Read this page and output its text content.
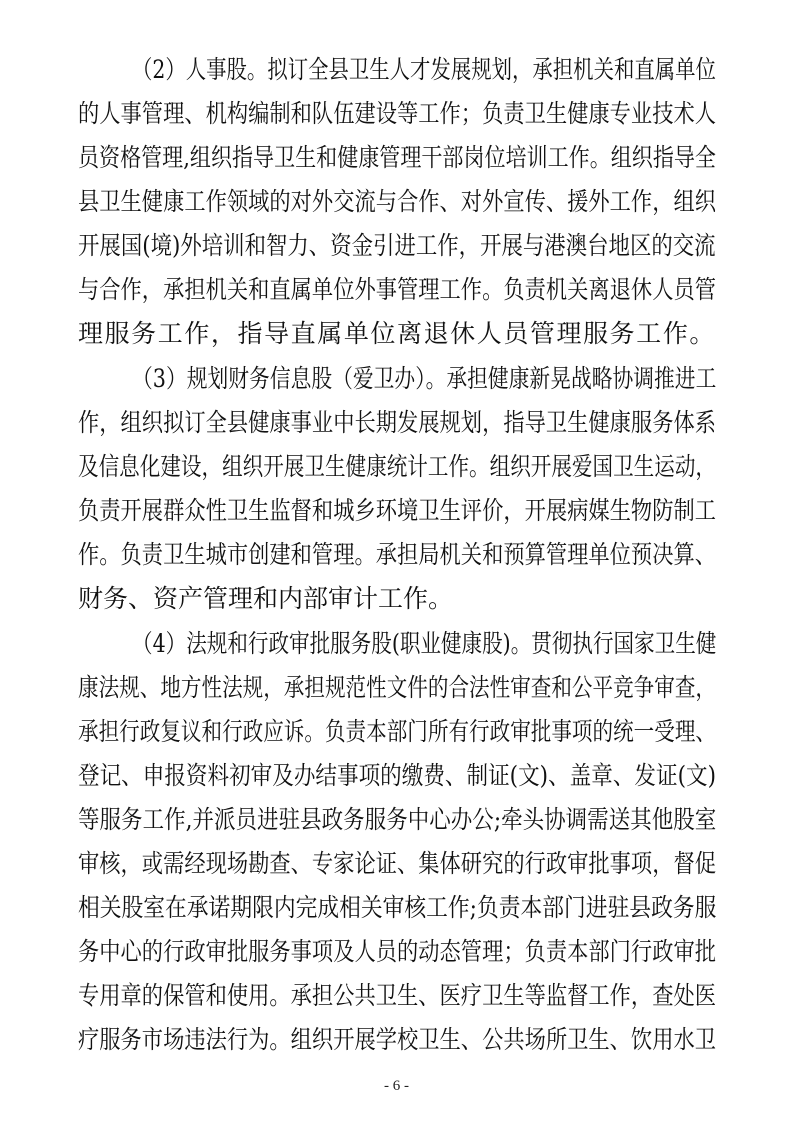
（2）人事股。拟订全县卫生人才发展规划，承担机关和直属单位
的人事管理、机构编制和队伍建设等工作；负责卫生健康专业技术人
员资格管理,组织指导卫生和健康管理干部岗位培训工作。组织指导全
县卫生健康工作领域的对外交流与合作、对外宣传、援外工作，组织
开展国(境)外培训和智力、资金引进工作，开展与港澳台地区的交流
与合作，承担机关和直属单位外事管理工作。负责机关离退休人员管
理服务工作，指导直属单位离退休人员管理服务工作。
（3）规划财务信息股（爱卫办）。承担健康新晃战略协调推进工
作，组织拟订全县健康事业中长期发展规划，指导卫生健康服务体系
及信息化建设，组织开展卫生健康统计工作。组织开展爱国卫生运动，
负责开展群众性卫生监督和城乡环境卫生评价，开展病媒生物防制工
作。负责卫生城市创建和管理。承担局机关和预算管理单位预决算、
财务、资产管理和内部审计工作。
（4）法规和行政审批服务股(职业健康股)。贯彻执行国家卫生健
康法规、地方性法规，承担规范性文件的合法性审查和公平竞争审查，
承担行政复议和行政应诉。负责本部门所有行政审批事项的统一受理、
登记、申报资料初审及办结事项的缴费、制证(文)、盖章、发证(文)
等服务工作,并派员进驻县政务服务中心办公;牵头协调需送其他股室
审核，或需经现场勘查、专家论证、集体研究的行政审批事项，督促
相关股室在承诺期限内完成相关审核工作;负责本部门进驻县政务服
务中心的行政审批服务事项及人员的动态管理；负责本部门行政审批
专用章的保管和使用。承担公共卫生、医疗卫生等监督工作，查处医
疗服务市场违法行为。组织开展学校卫生、公共场所卫生、饮用水卫
- 6 -
